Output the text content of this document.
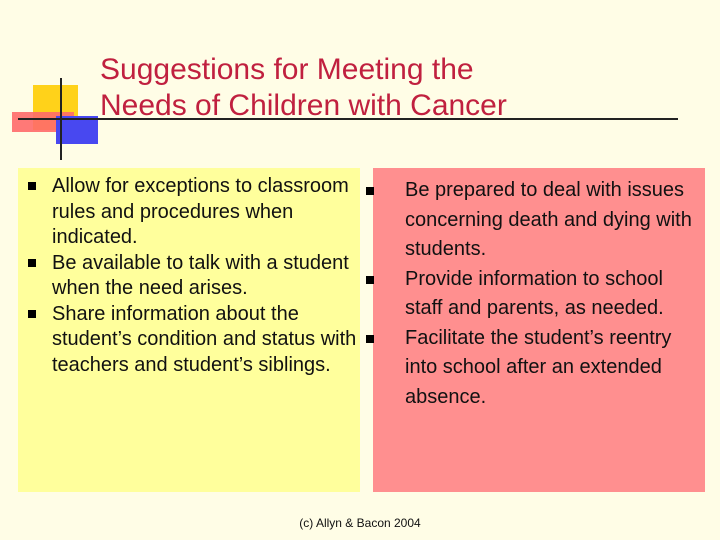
Suggestions for Meeting the
Needs of Children with Cancer
Allow for exceptions to classroom rules and procedures when indicated.
Be available to talk with a student when the need arises.
Share information about the student’s condition and status with teachers and student’s siblings.
Be prepared to deal with issues concerning death and dying with students.
Provide information to school staff and parents, as needed.
Facilitate the student’s reentry into school after an extended absence.
(c) Allyn & Bacon 2004
